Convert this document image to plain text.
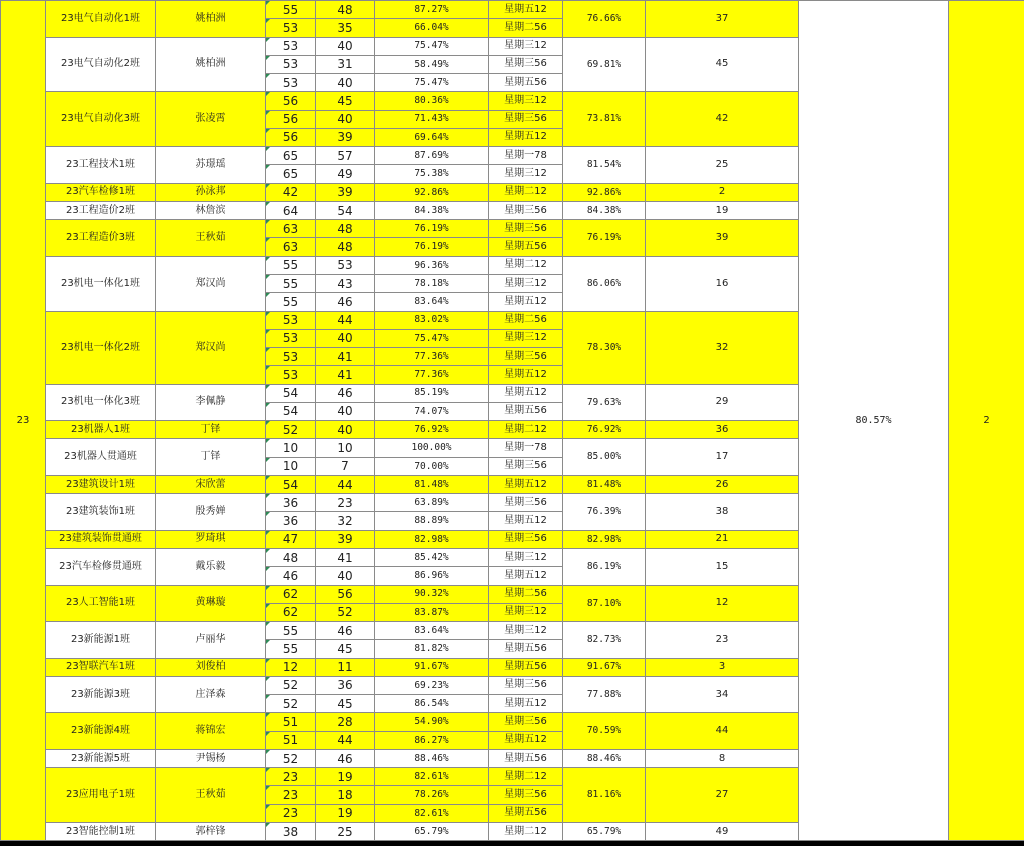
23	23电气自动化1班	姚柏洲	55	48	87.27%	星期五12	76.66%	37	80.57%	2
			53	35	66.04%	星期二56				
	23电气自动化2班	姚柏洲	53	40	75.47%	星期三12	69.81%	45		
			53	31	58.49%	星期三56				
			53	40	75.47%	星期五56				
	23电气自动化3班	张凌霄	56	45	80.36%	星期三12	73.81%	42		
			56	40	71.43%	星期三56				
			56	39	69.64%	星期五12				
	23工程技术1班	苏璟瑶	65	57	87.69%	星期一78	81.54%	25		
			65	49	75.38%	星期三12				
	23汽车检修1班	孙泳邦	42	39	92.86%	星期二12	92.86%	2		
	23工程造价2班	林詹滨	64	54	84.38%	星期三56	84.38%	19		
	23工程造价3班	王秋茹	63	48	76.19%	星期三56	76.19%	39		
			63	48	76.19%	星期五56				
	23机电一体化1班	郑汉尚	55	53	96.36%	星期二12	86.06%	16		
			55	43	78.18%	星期三12				
			55	46	83.64%	星期五12				
	23机电一体化2班	郑汉尚	53	44	83.02%	星期二56	78.30%	32		
			53	40	75.47%	星期三12				
			53	41	77.36%	星期三56				
			53	41	77.36%	星期五12				
	23机电一体化3班	李佩静	54	46	85.19%	星期五12	79.63%	29		
			54	40	74.07%	星期五56				
	23机器人1班	丁铎	52	40	76.92%	星期二12	76.92%	36		
	23机器人贯通班	丁铎	10	10	100.00%	星期一78	85.00%	17		
			10	7	70.00%	星期三56				
	23建筑设计1班	宋欣蕾	54	44	81.48%	星期五12	81.48%	26		
	23建筑装饰1班	殷秀婵	36	23	63.89%	星期三56	76.39%	38		
			36	32	88.89%	星期五12				
	23建筑装饰贯通班	罗琦琪	47	39	82.98%	星期三56	82.98%	21		
	23汽车检修贯通班	戴乐毅	48	41	85.42%	星期三12	86.19%	15		
			46	40	86.96%	星期五12				
	23人工智能1班	黄琳璇	62	56	90.32%	星期二56	87.10%	12		
			62	52	83.87%	星期三12				
	23新能源1班	卢丽华	55	46	83.64%	星期三12	82.73%	23		
			55	45	81.82%	星期五56				
	23智联汽车1班	刘俊柏	12	11	91.67%	星期五56	91.67%	3		
	23新能源3班	庄泽森	52	36	69.23%	星期三56	77.88%	34		
			52	45	86.54%	星期五12				
	23新能源4班	蒋锦宏	51	28	54.90%	星期三56	70.59%	44		
			51	44	86.27%	星期五12				
	23新能源5班	尹锡杨	52	46	88.46%	星期五56	88.46%	8		
	23应用电子1班	王秋茹	23	19	82.61%	星期二12	81.16%	27		
			23	18	78.26%	星期三56				
			23	19	82.61%	星期五56				
	23智能控制1班	郭梓锋	38	25	65.79%	星期二12	65.79%	49		
